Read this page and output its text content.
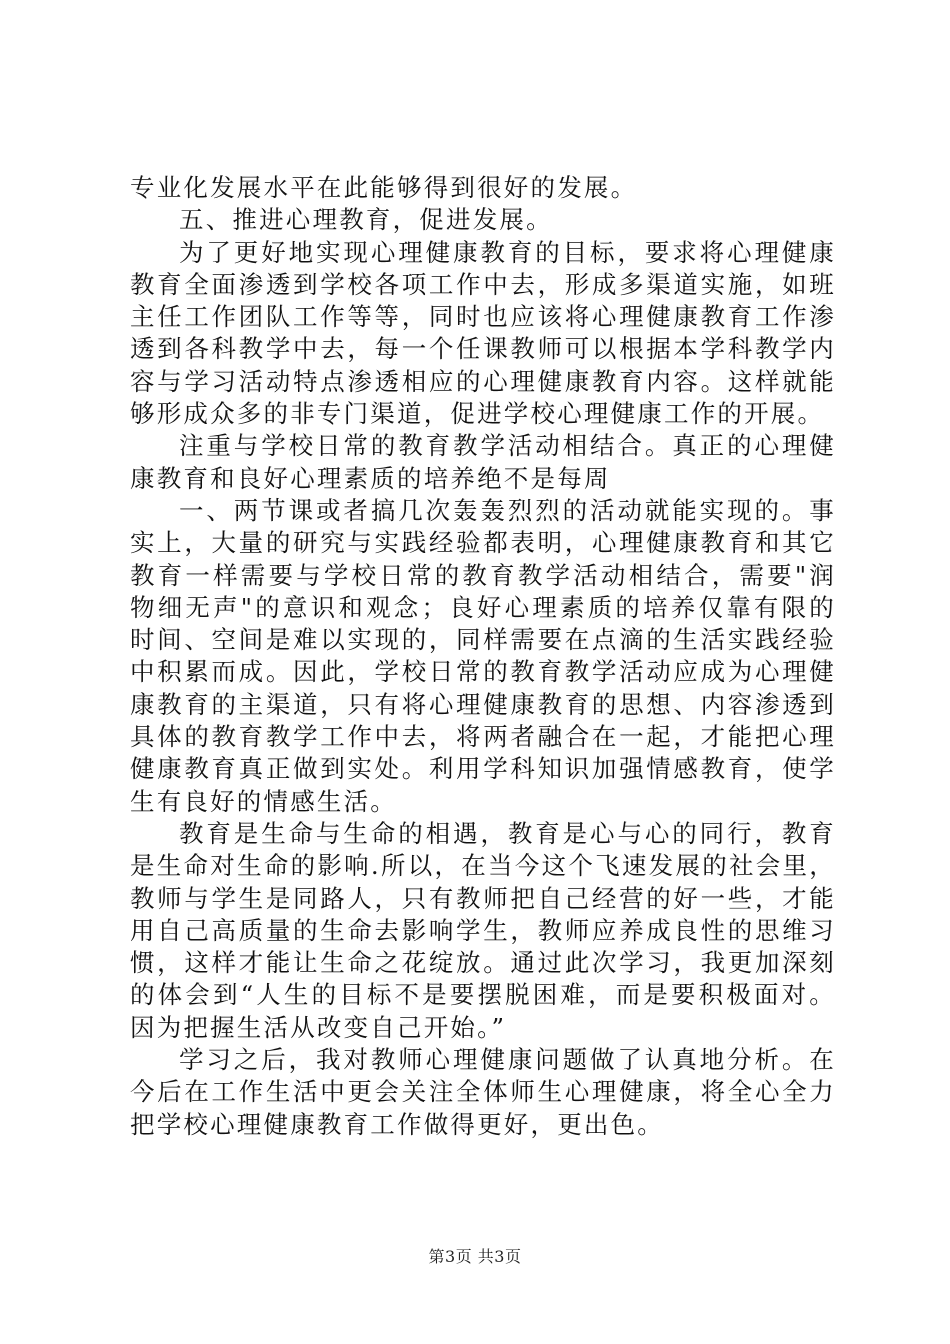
专业化发展水平在此能够得到很好的发展。

五、推进心理教育，促进发展。

为了更好地实现心理健康教育的目标，要求将心理健康教育全面渗透到学校各项工作中去，形成多渠道实施，如班主任工作团队工作等等，同时也应该将心理健康教育工作渗透到各科教学中去，每一个任课教师可以根据本学科教学内容与学习活动特点渗透相应的心理健康教育内容。这样就能够形成众多的非专门渠道，促进学校心理健康工作的开展。

注重与学校日常的教育教学活动相结合。真正的心理健康教育和良好心理素质的培养绝不是每周

一、两节课或者搞几次轰轰烈烈的活动就能实现的。事实上，大量的研究与实践经验都表明，心理健康教育和其它教育一样需要与学校日常的教育教学活动相结合，需要"润物细无声"的意识和观念；良好心理素质的培养仅靠有限的时间、空间是难以实现的，同样需要在点滴的生活实践经验中积累而成。因此，学校日常的教育教学活动应成为心理健康教育的主渠道，只有将心理健康教育的思想、内容渗透到具体的教育教学工作中去，将两者融合在一起，才能把心理健康教育真正做到实处。利用学科知识加强情感教育，使学生有良好的情感生活。

教育是生命与生命的相遇，教育是心与心的同行，教育是生命对生命的影响.所以，在当今这个飞速发展的社会里，教师与学生是同路人，只有教师把自己经营的好一些，才能用自己高质量的生命去影响学生，教师应养成良性的思维习惯，这样才能让生命之花绽放。通过此次学习，我更加深刻的体会到“人生的目标不是要摆脱困难，而是要积极面对。因为把握生活从改变自己开始。”

学习之后，我对教师心理健康问题做了认真地分析。在今后在工作生活中更会关注全体师生心理健康，将全心全力把学校心理健康教育工作做得更好，更出色。

第3页 共3页
